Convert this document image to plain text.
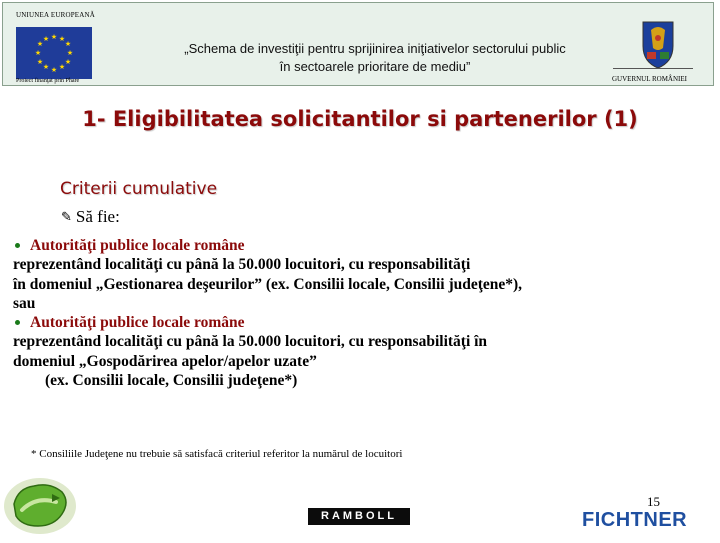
UNIUNEA EUROPEANĂ
★ ★
★
★
★
★
★
★
★
★
★
★
Proiect finanţat prin Phare
„Schema de investiţii pentru sprijinirea iniţiativelor sectorului public
în sectoarele prioritare de mediu”
GUVERNUL ROMÂNIEI
1- Eligibilitatea solicitantilor si partenerilor (1)
Criterii cumulative
✎ Să fie:
Autorităţi publice locale române
reprezentând localităţi cu până la 50.000 locuitori, cu responsabilităţi
în domeniul „Gestionarea deşeurilor” (ex. Consilii locale, Consilii judeţene*),
sau
Autorităţi publice locale române
reprezentând localităţi cu până la 50.000 locuitori, cu responsabilităţi în
domeniul „Gospodărirea apelor/apelor uzate”
(ex. Consilii locale, Consilii judeţene*)
* Consiliile Judeţene nu trebuie să satisfacă criteriul referitor la numărul de locuitori
RAMBOLL
15
FICHTNER
